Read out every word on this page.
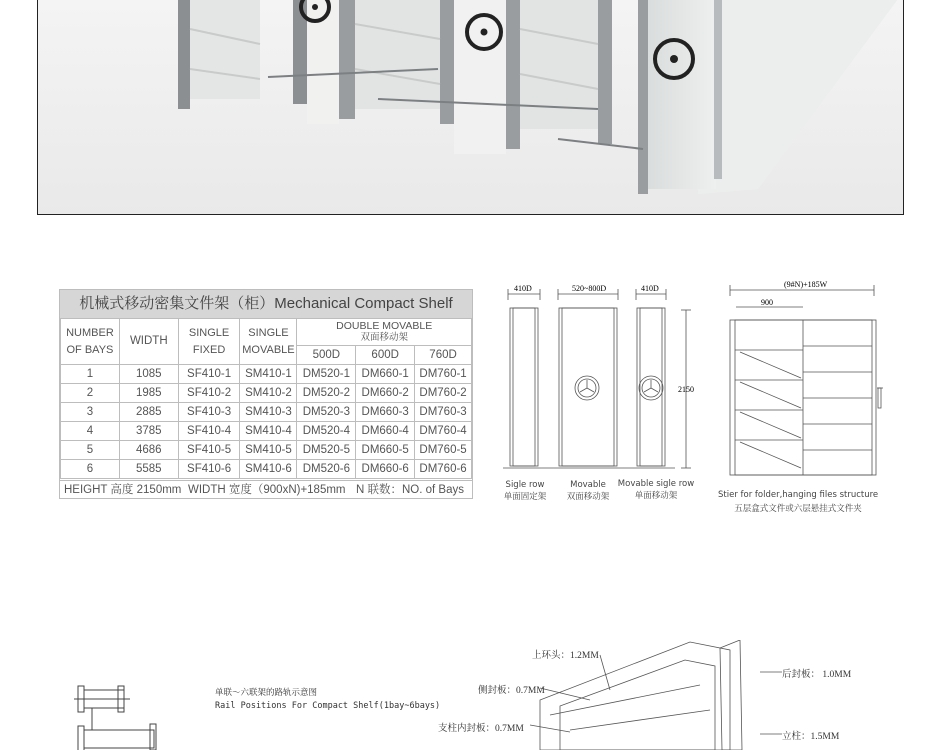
机械式移动密集文件架（柜）Mechanical Compact Shelf
NUMBER OF BAYS	WIDTH	SINGLE FIXED	SINGLE MOVABLE	DOUBLE MOVABLE
双面移动架		

				500D	600D	760D
1	1085	SF410-1	SM410-1	DM520-1	DM660-1	DM760-1
2	1985	SF410-2	SM410-2	DM520-2	DM660-2	DM760-2
3	2885	SF410-3	SM410-3	DM520-3	DM660-3	DM760-3
4	3785	SF410-4	SM410-4	DM520-4	DM660-4	DM760-4
5	4686	SF410-5	SM410-5	DM520-5	DM660-5	DM760-5
6	5585	SF410-6	SM410-6	DM520-6	DM660-6	DM760-6
HEIGHT 高度 2150mm WIDTH 宽度（900xN)+185mm N 联数：NO. of Bays
410D	520~800D	410D
2150
Sigle row
单面固定架
Movable
双面移动架
Movable sigle row
单面移动架
(9#N)+185W
900
Stier for folder,hanging files structure
五层盒式文件或六层悬挂式文件夹
单联～六联架的路轨示意图
Rail Positions For Compact Shelf(1bay~6bays)
上环头：1.2MM
侧封板：0.7MM
支柱内封板：0.7MM
后封板： 1.0MM
立柱：1.5MM
